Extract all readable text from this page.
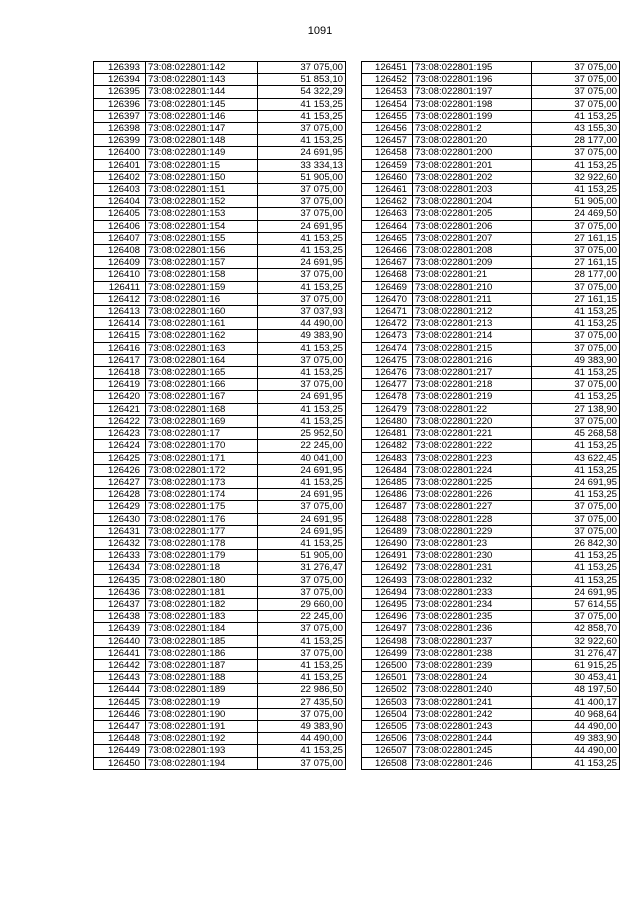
1091
126393	73:08:022801:142	37 075,00
126394	73:08:022801:143	51 853,10
126395	73:08:022801:144	54 322,29
126396	73:08:022801:145	41 153,25
126397	73:08:022801:146	41 153,25
126398	73:08:022801:147	37 075,00
126399	73:08:022801:148	41 153,25
126400	73:08:022801:149	24 691,95
126401	73:08:022801:15	33 334,13
126402	73:08:022801:150	51 905,00
126403	73:08:022801:151	37 075,00
126404	73:08:022801:152	37 075,00
126405	73:08:022801:153	37 075,00
126406	73:08:022801:154	24 691,95
126407	73:08:022801:155	41 153,25
126408	73:08:022801:156	41 153,25
126409	73:08:022801:157	24 691,95
126410	73:08:022801:158	37 075,00
126411	73:08:022801:159	41 153,25
126412	73:08:022801:16	37 075,00
126413	73:08:022801:160	37 037,93
126414	73:08:022801:161	44 490,00
126415	73:08:022801:162	49 383,90
126416	73:08:022801:163	41 153,25
126417	73:08:022801:164	37 075,00
126418	73:08:022801:165	41 153,25
126419	73:08:022801:166	37 075,00
126420	73:08:022801:167	24 691,95
126421	73:08:022801:168	41 153,25
126422	73:08:022801:169	41 153,25
126423	73:08:022801:17	25 952,50
126424	73:08:022801:170	22 245,00
126425	73:08:022801:171	40 041,00
126426	73:08:022801:172	24 691,95
126427	73:08:022801:173	41 153,25
126428	73:08:022801:174	24 691,95
126429	73:08:022801:175	37 075,00
126430	73:08:022801:176	24 691,95
126431	73:08:022801:177	24 691,95
126432	73:08:022801:178	41 153,25
126433	73:08:022801:179	51 905,00
126434	73:08:022801:18	31 276,47
126435	73:08:022801:180	37 075,00
126436	73:08:022801:181	37 075,00
126437	73:08:022801:182	29 660,00
126438	73:08:022801:183	22 245,00
126439	73:08:022801:184	37 075,00
126440	73:08:022801:185	41 153,25
126441	73:08:022801:186	37 075,00
126442	73:08:022801:187	41 153,25
126443	73:08:022801:188	41 153,25
126444	73:08:022801:189	22 986,50
126445	73:08:022801:19	27 435,50
126446	73:08:022801:190	37 075,00
126447	73:08:022801:191	49 383,90
126448	73:08:022801:192	44 490,00
126449	73:08:022801:193	41 153,25
126450	73:08:022801:194	37 075,00
126451	73:08:022801:195	37 075,00
126452	73:08:022801:196	37 075,00
126453	73:08:022801:197	37 075,00
126454	73:08:022801:198	37 075,00
126455	73:08:022801:199	41 153,25
126456	73:08:022801:2	43 155,30
126457	73:08:022801:20	28 177,00
126458	73:08:022801:200	37 075,00
126459	73:08:022801:201	41 153,25
126460	73:08:022801:202	32 922,60
126461	73:08:022801:203	41 153,25
126462	73:08:022801:204	51 905,00
126463	73:08:022801:205	24 469,50
126464	73:08:022801:206	37 075,00
126465	73:08:022801:207	27 161,15
126466	73:08:022801:208	37 075,00
126467	73:08:022801:209	27 161,15
126468	73:08:022801:21	28 177,00
126469	73:08:022801:210	37 075,00
126470	73:08:022801:211	27 161,15
126471	73:08:022801:212	41 153,25
126472	73:08:022801:213	41 153,25
126473	73:08:022801:214	37 075,00
126474	73:08:022801:215	37 075,00
126475	73:08:022801:216	49 383,90
126476	73:08:022801:217	41 153,25
126477	73:08:022801:218	37 075,00
126478	73:08:022801:219	41 153,25
126479	73:08:022801:22	27 138,90
126480	73:08:022801:220	37 075,00
126481	73:08:022801:221	45 268,58
126482	73:08:022801:222	41 153,25
126483	73:08:022801:223	43 622,45
126484	73:08:022801:224	41 153,25
126485	73:08:022801:225	24 691,95
126486	73:08:022801:226	41 153,25
126487	73:08:022801:227	37 075,00
126488	73:08:022801:228	37 075,00
126489	73:08:022801:229	37 075,00
126490	73:08:022801:23	26 842,30
126491	73:08:022801:230	41 153,25
126492	73:08:022801:231	41 153,25
126493	73:08:022801:232	41 153,25
126494	73:08:022801:233	24 691,95
126495	73:08:022801:234	57 614,55
126496	73:08:022801:235	37 075,00
126497	73:08:022801:236	42 858,70
126498	73:08:022801:237	32 922,60
126499	73:08:022801:238	31 276,47
126500	73:08:022801:239	61 915,25
126501	73:08:022801:24	30 453,41
126502	73:08:022801:240	48 197,50
126503	73:08:022801:241	41 400,17
126504	73:08:022801:242	40 968,64
126505	73:08:022801:243	44 490,00
126506	73:08:022801:244	49 383,90
126507	73:08:022801:245	44 490,00
126508	73:08:022801:246	41 153,25
